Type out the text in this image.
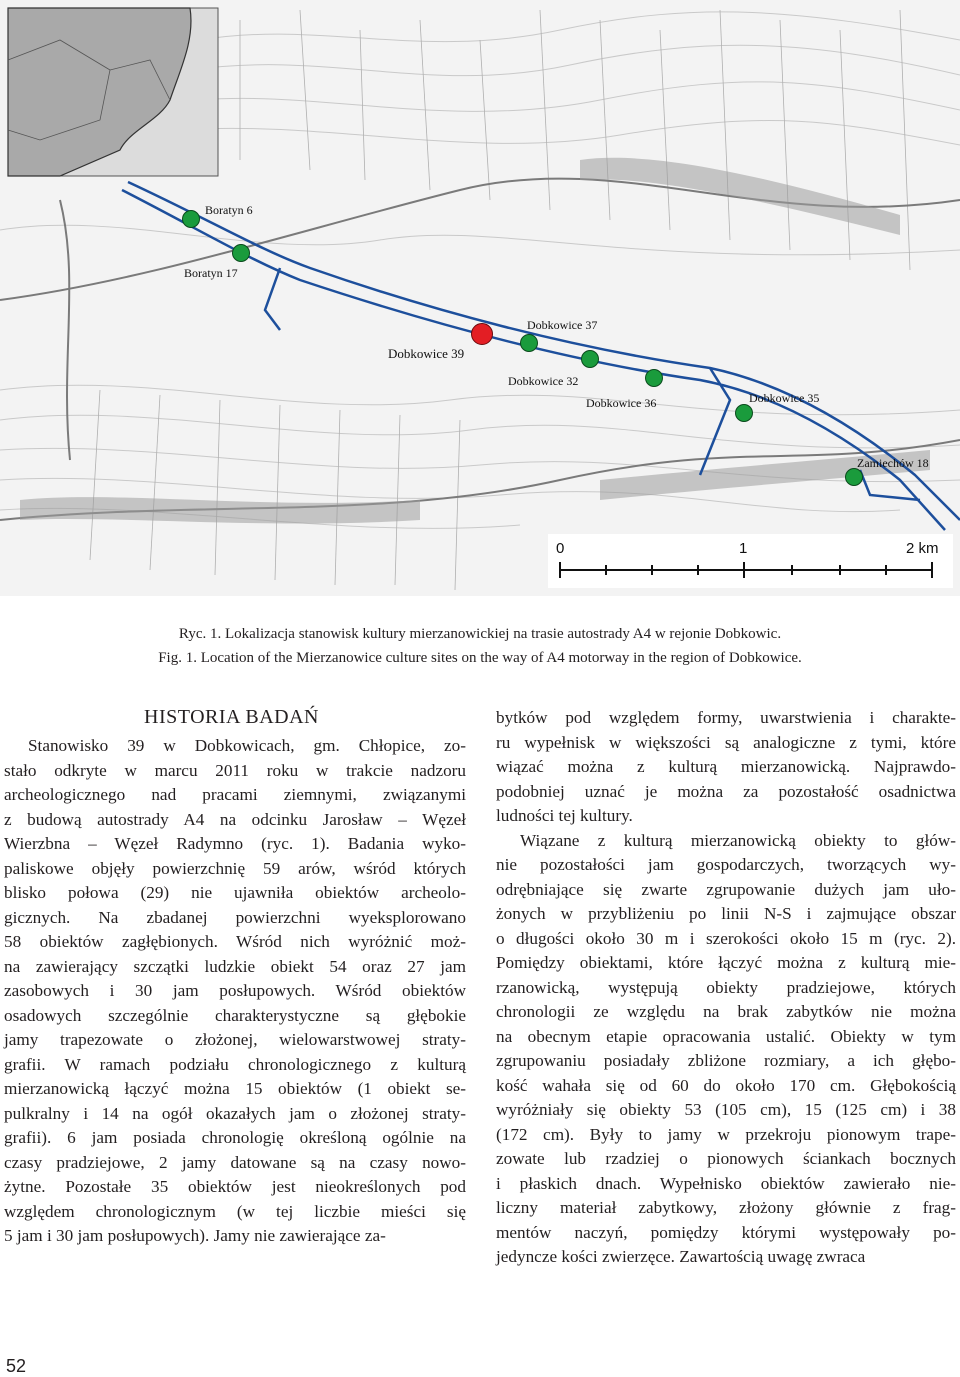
Boratyn 6
Boratyn 17
Dobkowice 39
Dobkowice 37
Dobkowice 32
Dobkowice 36	Dobkowice 35
Zamiechów 18
0	1	2 km
Ryc. 1. Lokalizacja stanowisk kultury mierzanowickiej na trasie autostrady A4 w rejonie Dobkowic.
Fig. 1. Location of the Mierzanowice culture sites on the way of A4 motorway in the region of Dobkowice.
HISTORIA BADAŃ
Stanowisko 39 w Dobkowicach, gm. Chłopice, zo-
stało odkryte w marcu 2011 roku w trakcie nadzoru
archeologicznego nad pracami ziemnymi, związanymi
z budową autostrady A4 na odcinku Jarosław – Węzeł
Wierzbna – Węzeł Radymno (ryc. 1). Badania wyko-
paliskowe objęły powierzchnię 59 arów, wśród których
blisko połowa (29) nie ujawniła obiektów archeolo-
gicznych. Na zbadanej powierzchni wyeksplorowano
58 obiektów zagłębionych. Wśród nich wyróżnić moż-
na zawierający szczątki ludzkie obiekt 54 oraz 27 jam
zasobowych i 30 jam posłupowych. Wśród obiektów
osadowych szczególnie charakterystyczne są głębokie
jamy trapezowate o złożonej, wielowarstwowej straty-
grafii. W ramach podziału chronologicznego z kulturą
mierzanowicką łączyć można 15 obiektów (1 obiekt se-
pulkralny i 14 na ogół okazałych jam o złożonej straty-
grafii). 6 jam posiada chronologię określoną ogólnie na
czasy pradziejowe, 2 jamy datowane są na czasy nowo-
żytne. Pozostałe 35 obiektów jest nieokreślonych pod
względem chronologicznym (w tej liczbie mieści się
5 jam i 30 jam posłupowych). Jamy nie zawierające za-
bytków pod względem formy, uwarstwienia i charakte-
ru wypełnisk w większości są analogiczne z tymi, które
wiązać można z kulturą mierzanowicką. Najprawdo-
podobniej uznać je można za pozostałość osadnictwa
ludności tej kultury.
Wiązane z kulturą mierzanowicką obiekty to głów-
nie pozostałości jam gospodarczych, tworzących wy-
odrębniające się zwarte zgrupowanie dużych jam uło-
żonych w przybliżeniu po linii N-S i zajmujące obszar
o długości około 30 m i szerokości około 15 m (ryc. 2).
Pomiędzy obiektami, które łączyć można z kulturą mie-
rzanowicką, występują obiekty pradziejowe, których
chronologii ze względu na brak zabytków nie można
na obecnym etapie opracowania ustalić. Obiekty w tym
zgrupowaniu posiadały zbliżone rozmiary, a ich głębo-
kość wahała się od 60 do około 170 cm. Głębokością
wyróżniały się obiekty 53 (105 cm), 15 (125 cm) i 38
(172 cm). Były to jamy w przekroju pionowym trape-
zowate lub rzadziej o pionowych ściankach bocznych
i płaskich dnach. Wypełnisko obiektów zawierało nie-
liczny materiał zabytkowy, złożony głównie z frag-
mentów naczyń, pomiędzy którymi występowały po-
jedyncze kości zwierzęce. Zawartością uwagę zwraca
52
